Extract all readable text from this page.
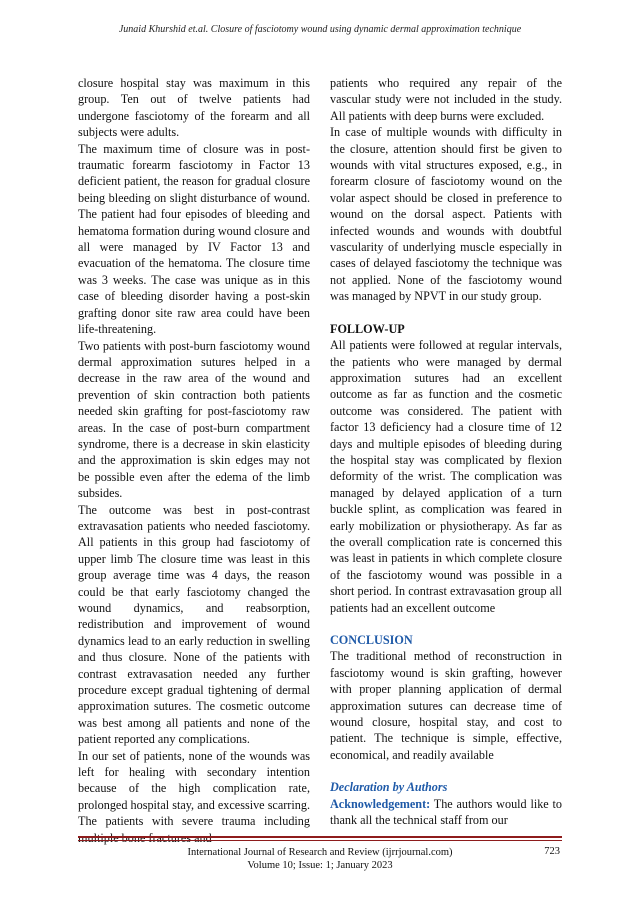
Junaid Khurshid et.al. Closure of fasciotomy wound using dynamic dermal approximation technique

closure hospital stay was maximum in this group. Ten out of twelve patients had undergone fasciotomy of the forearm and all subjects were adults.

The maximum time of closure was in post-traumatic forearm fasciotomy in Factor 13 deficient patient, the reason for gradual closure being bleeding on slight disturbance of wound. The patient had four episodes of bleeding and hematoma formation during wound closure and all were managed by IV Factor 13 and evacuation of the hematoma. The closure time was 3 weeks. The case was unique as in this case of bleeding disorder having a post-skin grafting donor site raw area could have been life-threatening.

Two patients with post-burn fasciotomy wound dermal approximation sutures helped in a decrease in the raw area of the wound and prevention of skin contraction both patients needed skin grafting for post-fasciotomy raw areas. In the case of post-burn compartment syndrome, there is a decrease in skin elasticity and the approximation is skin edges may not be possible even after the edema of the limb subsides.

The outcome was best in post-contrast extravasation patients who needed fasciotomy. All patients in this group had fasciotomy of upper limb The closure time was least in this group average time was 4 days, the reason could be that early fasciotomy changed the wound dynamics, and reabsorption, redistribution and improvement of wound dynamics lead to an early reduction in swelling and thus closure. None of the patients with contrast extravasation needed any further procedure except gradual tightening of dermal approximation sutures. The cosmetic outcome was best among all patients and none of the patient reported any complications.

In our set of patients, none of the wounds was left for healing with secondary intention because of the high complication rate, prolonged hospital stay, and excessive scarring. The patients with severe trauma including

patients who required any repair of the vascular study were not included in the study. All patients with deep burns were excluded.

In case of multiple wounds with difficulty in the closure, attention should first be given to wounds with vital structures exposed, e.g., in forearm closure of fasciotomy wound on the volar aspect should be closed in preference to wound on the dorsal aspect. Patients with infected wounds and wounds with doubtful vascularity of underlying muscle especially in cases of delayed fasciotomy the technique was not applied. None of the fasciotomy wound was managed by NPVT in our study group.

FOLLOW-UP

All patients were followed at regular intervals, the patients who were managed by dermal approximation sutures had an excellent outcome as far as function and the cosmetic outcome was considered. The patient with factor 13 deficiency had a closure time of 12 days and multiple episodes of bleeding during the hospital stay was complicated by flexion deformity of the wrist. The complication was managed by delayed application of a turn buckle splint, as complication was feared in early mobilization or physiotherapy. As far as the overall complication rate is concerned this was least in patients in which complete closure of the fasciotomy wound was possible in a short period. In contrast extravasation group all patients had an excellent outcome

CONCLUSION

The traditional method of reconstruction in fasciotomy wound is skin grafting, however with proper planning application of dermal approximation sutures can decrease time of wound closure, hospital stay, and cost to patient. The technique is simple, effective, economical, and readily available

Declaration by Authors

Acknowledgement: The authors would like to thank all the technical staff from our

International Journal of Research and Review (ijrrjournal.com)
Volume 10; Issue: 1; January 2023
723
